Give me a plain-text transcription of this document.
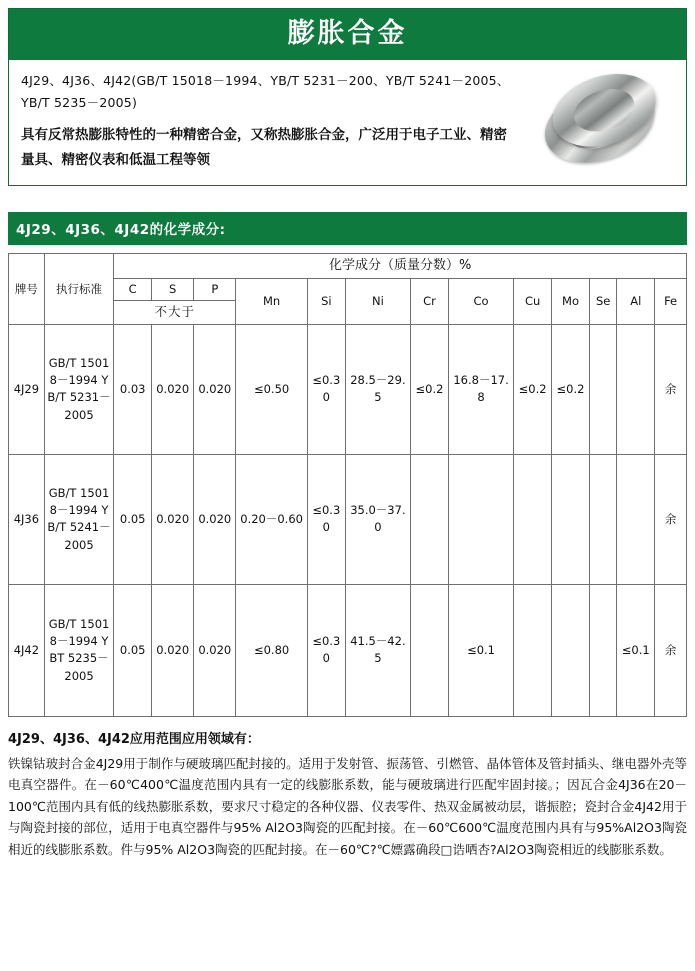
膨胀合金
4J29、4J36、4J42(GB/T 15018－1994、YB/T 5231－200、YB/T 5241－2005、YB/T 5235－2005)
具有反常热膨胀特性的一种精密合金，又称热膨胀合金，广泛用于电子工业、精密量具、精密仪表和低温工程等领
4J29、4J36、4J42的化学成分:
牌号	执行标准	化学成分（质量分数）%												
		C	S	P	Mn	Si	Ni	Cr	Co	Cu	Mo	Se	Al	Fe
		不大于												
4J29	GB/T 15018－1994 YB/T 5231－2005	0.03	0.020	0.020	≤0.50	≤0.30	28.5－29.5	≤0.2	16.8－17.8	≤0.2	≤0.2			余
4J36	GB/T 15018－1994 YB/T 5241－2005	0.05	0.020	0.020	0.20－0.60	≤0.30	35.0－37.0							余
4J42	GB/T 15018－1994 YBT 5235－2005	0.05	0.020	0.020	≤0.80	≤0.30	41.5－42.5		≤0.1				≤0.1	余
4J29、4J36、4J42应用范围应用领域有：
铁镍钴玻封合金4J29用于制作与硬玻璃匹配封接的。适用于发射管、振荡管、引燃管、晶体管体及管封插头、继电器外壳等电真空器件。在－60℃400℃温度范围内具有一定的线膨胀系数，能与硬玻璃进行匹配牢固封接。；因瓦合金4J36在20－100℃范围内具有低的线热膨胀系数，要求尺寸稳定的各种仪器、仪表零件、热双金属被动层，谐振腔；瓷封合金4J42用于与陶瓷封接的部位，适用于电真空器件与95% Al2O3陶瓷的匹配封接。在－60℃600℃温度范围内具有与95%Al2O3陶瓷相近的线膨胀系数。件与95% Al2O3陶瓷的匹配封接。在－60℃?℃嫖露确段□诰哂杏?Al2O3陶瓷相近的线膨胀系数。
